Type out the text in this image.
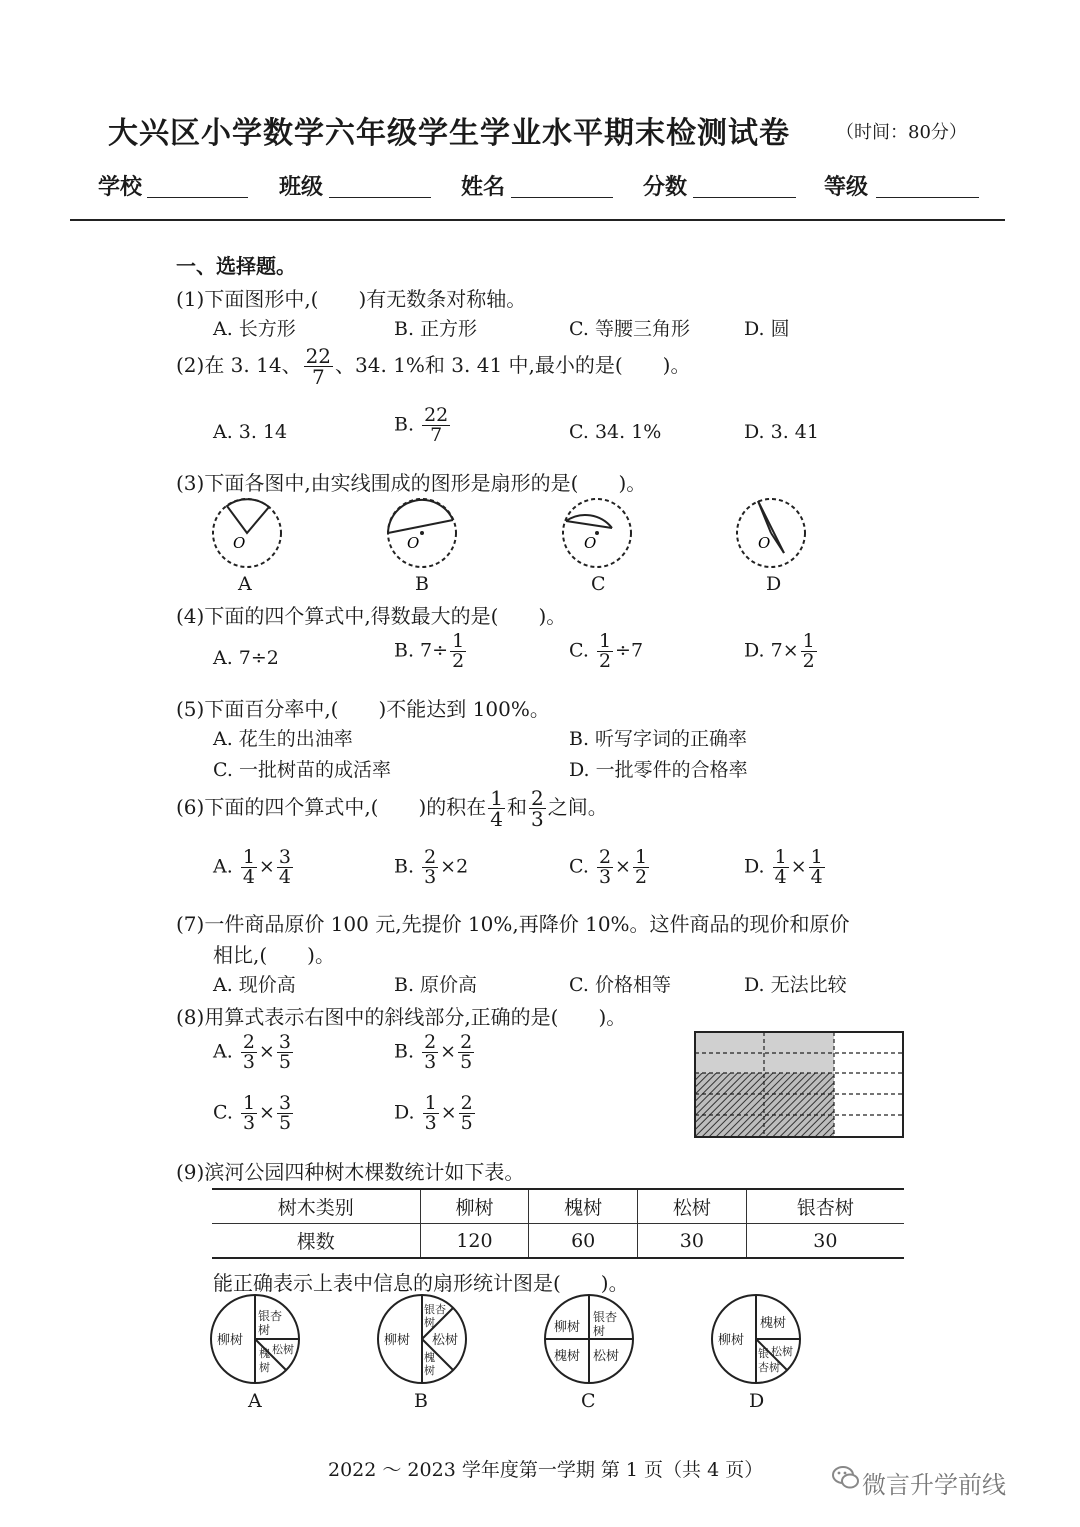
大兴区小学数学六年级学生学业水平期末检测试卷	（时间：80分）
学校	班级	姓名	分数	等级
一、选择题。
(1)下面图形中,(　　)有无数条对称轴。
A. 长方形	B. 正方形	C. 等腰三角形	D. 圆
(2)在 3. 14、 $\frac{22}{7}$ 、34. 1%和 3. 41 中,最小的是(　　)。
A. 3. 14	B. $\frac{22}{7}$	C. 34. 1%	D. 3. 41
(3)下面各图中,由实线围成的图形是扇形的是(　　)。
O	O	O	O
A	B	C	D
(4)下面的四个算式中,得数最大的是(　　)。
A. 7÷2	B. $7\div \frac{1}{2}$	C. $\frac{1}{2} \div 7$	D. $7\times \frac{1}{2}$
(5)下面百分率中,(　　)不能达到 100%。
A. 花生的出油率	B. 听写字词的正确率
C. 一批树苗的成活率	D. 一批零件的合格率
(6)下面的四个算式中,(　　)的积在 $\frac{1}{4}$ 和 $\frac{2}{3}$ 之间。
A. $\frac{1}{4} \times \frac{3}{4}$	B. $\frac{2}{3} \times 2$	C. $\frac{2}{3} \times \frac{1}{2}$	D. $\frac{1}{4} \times \frac{1}{4}$
(7)一件商品原价 100 元,先提价 10%,再降价 10%。这件商品的现价和原价
相比,(　　)。
A. 现价高	B. 原价高	C. 价格相等	D. 无法比较
(8)用算式表示右图中的斜线部分,正确的是(　　)。
A. $\frac{2}{3} \times \frac{3}{5}$	B. $\frac{2}{3} \times \frac{2}{5}$
C. $\frac{1}{3} \times \frac{3}{5}$	D. $\frac{1}{3} \times \frac{2}{5}$
(9)滨河公园四种树木棵数统计如下表。
树木类别	柳树	槐树	松树	银杏树
棵数	120	60	30	30
能正确表示上表中信息的扇形统计图是(　　)。
柳树
银杏
树
松树
槐
树
柳树
银杏
树
松树
槐
树
柳树
银杏
树
槐树 松树
柳树
槐树
松树
银
杏树
A	B	C	D
2022 ～ 2023 学年度第一学期 第 1 页（共 4 页）
微言升学前线
